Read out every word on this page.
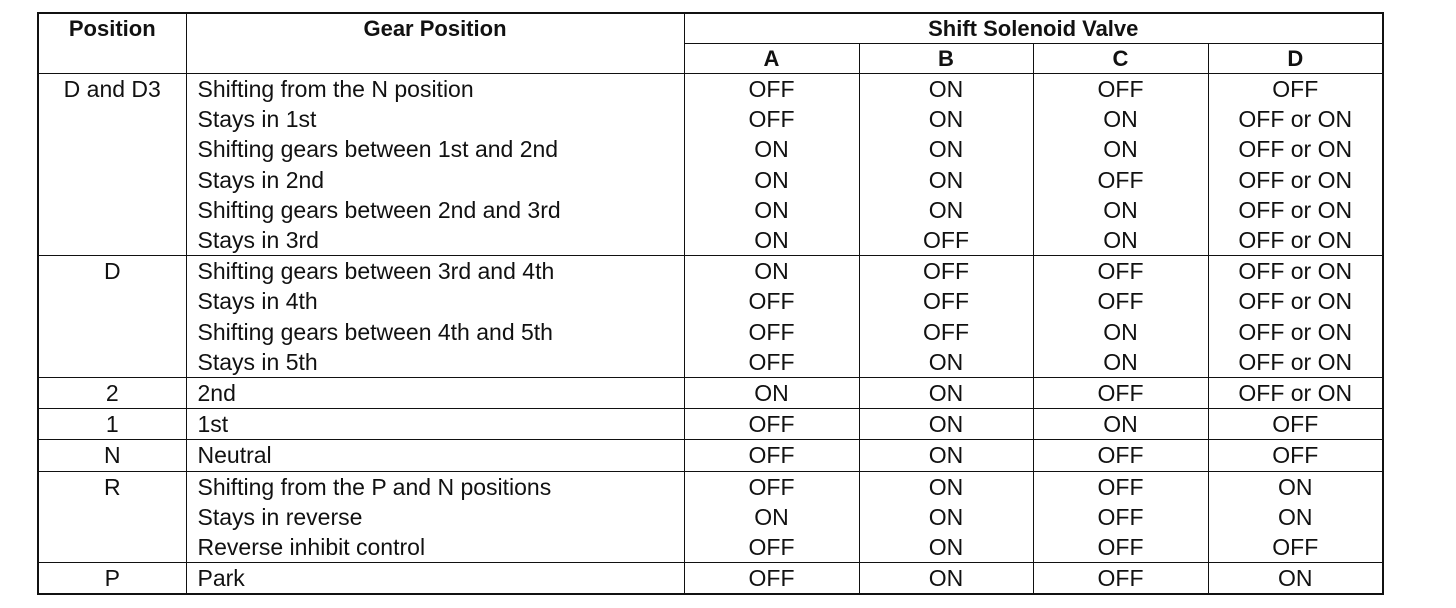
Position	Gear Position	Shift Solenoid Valve			
		A	B	C	D
D and D3	Shifting from the N position	OFF	ON	OFF	OFF
	Stays in 1st	OFF	ON	ON	OFF or ON
	Shifting gears between 1st and 2nd	ON	ON	ON	OFF or ON
	Stays in 2nd	ON	ON	OFF	OFF or ON
	Shifting gears between 2nd and 3rd	ON	ON	ON	OFF or ON
	Stays in 3rd	ON	OFF	ON	OFF or ON
D	Shifting gears between 3rd and 4th	ON	OFF	OFF	OFF or ON
	Stays in 4th	OFF	OFF	OFF	OFF or ON
	Shifting gears between 4th and 5th	OFF	OFF	ON	OFF or ON
	Stays in 5th	OFF	ON	ON	OFF or ON
2	2nd	ON	ON	OFF	OFF or ON
1	1st	OFF	ON	ON	OFF
N	Neutral	OFF	ON	OFF	OFF
R	Shifting from the P and N positions	OFF	ON	OFF	ON
	Stays in reverse	ON	ON	OFF	ON
	Reverse inhibit control	OFF	ON	OFF	OFF
P	Park	OFF	ON	OFF	ON
